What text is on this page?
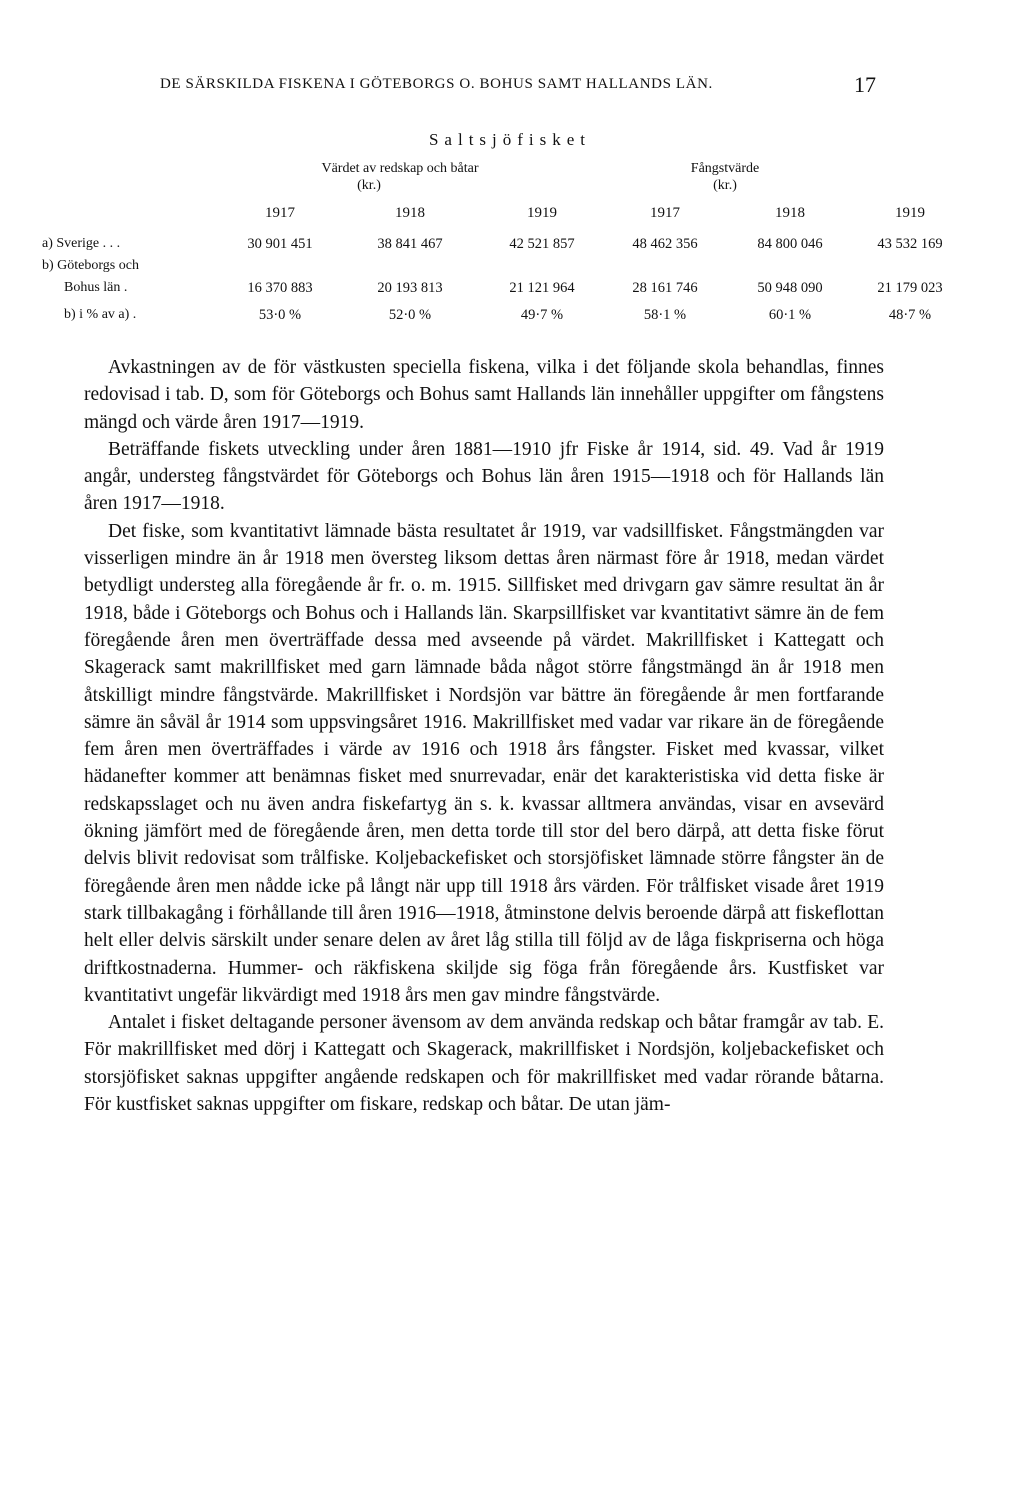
DE SÄRSKILDA FISKENA I GÖTEBORGS O. BOHUS SAMT HALLANDS LÄN.	17
Saltsjöfisket
Värdet av redskap och båtar
(kr.)
Fångstvärde
(kr.)
1917	1918	1919	1917	1918	1919
a) Sverige . . .	30 901 451	38 841 467	42 521 857	48 462 356	84 800 046	43 532 169
b) Göteborgs och
Bohus län .	16 370 883	20 193 813	21 121 964	28 161 746	50 948 090	21 179 023
b) i % av a) .	53·0 %	52·0 %	49·7 %	58·1 %	60·1 %	48·7 %

Avkastningen av de för västkusten speciella fiskena, vilka i det följande skola behandlas, finnes redovisad i tab. D, som för Göteborgs och Bohus samt Hallands län innehåller uppgifter om fångstens mängd och värde åren 1917—1919.

Beträffande fiskets utveckling under åren 1881—1910 jfr Fiske år 1914, sid. 49. Vad år 1919 angår, understeg fångstvärdet för Göteborgs och Bohus län åren 1915—1918 och för Hallands län åren 1917—1918.

Det fiske, som kvantitativt lämnade bästa resultatet år 1919, var vadsillfisket. Fångstmängden var visserligen mindre än år 1918 men översteg liksom dettas åren närmast före år 1918, medan värdet betydligt understeg alla föregående år fr. o. m. 1915. Sillfisket med drivgarn gav sämre resultat än år 1918, både i Göteborgs och Bohus och i Hallands län. Skarpsillfisket var kvantitativt sämre än de fem föregående åren men överträffade dessa med avseende på värdet. Makrillfisket i Kattegatt och Skagerack samt makrillfisket med garn lämnade båda något större fångstmängd än år 1918 men åtskilligt mindre fångstvärde. Makrillfisket i Nordsjön var bättre än föregående år men fortfarande sämre än såväl år 1914 som uppsvingsåret 1916. Makrillfisket med vadar var rikare än de föregående fem åren men överträffades i värde av 1916 och 1918 års fångster. Fisket med kvassar, vilket hädanefter kommer att benämnas fisket med snurrevadar, enär det karakteristiska vid detta fiske är redskapsslaget och nu även andra fiskefartyg än s. k. kvassar alltmera användas, visar en avsevärd ökning jämfört med de föregående åren, men detta torde till stor del bero därpå, att detta fiske förut delvis blivit redovisat som trålfiske. Koljebackefisket och storsjöfisket lämnade större fångster än de föregående åren men nådde icke på långt när upp till 1918 års värden. För trålfisket visade året 1919 stark tillbakagång i förhållande till åren 1916—1918, åtminstone delvis beroende därpå att fiskeflottan helt eller delvis särskilt under senare delen av året låg stilla till följd av de låga fiskpriserna och höga driftkostnaderna. Hummer- och räkfiskena skiljde sig föga från föregående års. Kustfisket var kvantitativt ungefär likvärdigt med 1918 års men gav mindre fångstvärde.

Antalet i fisket deltagande personer ävensom av dem använda redskap och båtar framgår av tab. E. För makrillfisket med dörj i Kattegatt och Skagerack, makrillfisket i Nordsjön, koljebackefisket och storsjöfisket saknas uppgifter angående redskapen och för makrillfisket med vadar rörande båtarna. För kustfisket saknas uppgifter om fiskare, redskap och båtar. De utan jäm-
